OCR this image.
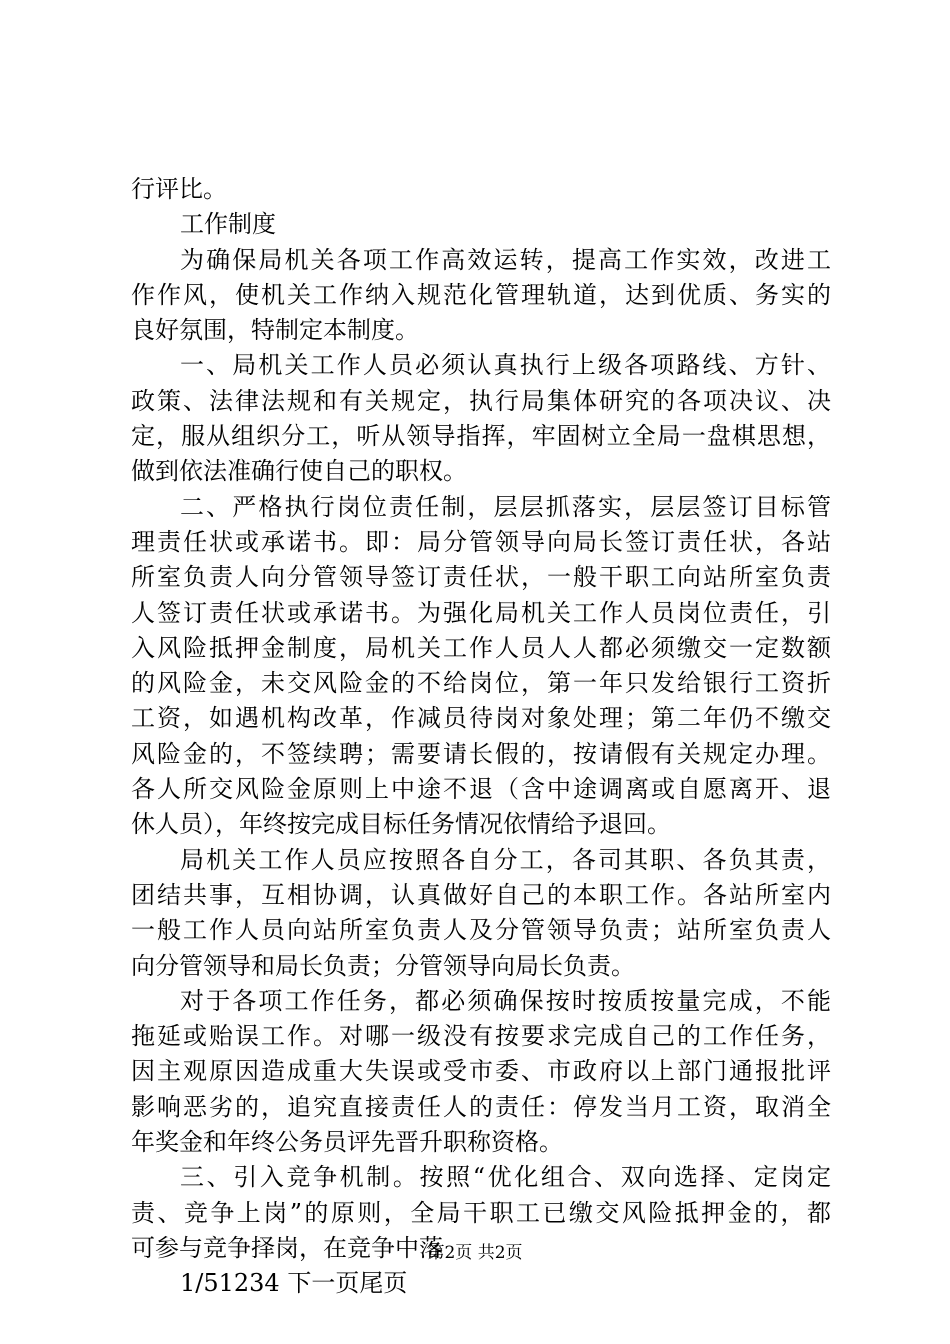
行评比。
工作制度
为确保局机关各项工作高效运转，提高工作实效，改进工
作作风，使机关工作纳入规范化管理轨道，达到优质、务实的
良好氛围，特制定本制度。
一、局机关工作人员必须认真执行上级各项路线、方针、
政策、法律法规和有关规定，执行局集体研究的各项决议、决
定，服从组织分工，听从领导指挥，牢固树立全局一盘棋思想，
做到依法准确行使自己的职权。
二、严格执行岗位责任制，层层抓落实，层层签订目标管
理责任状或承诺书。即：局分管领导向局长签订责任状，各站
所室负责人向分管领导签订责任状，一般干职工向站所室负责
人签订责任状或承诺书。为强化局机关工作人员岗位责任，引
入风险抵押金制度，局机关工作人员人人都必须缴交一定数额
的风险金，未交风险金的不给岗位，第一年只发给银行工资折
工资，如遇机构改革，作减员待岗对象处理；第二年仍不缴交
风险金的，不签续聘；需要请长假的，按请假有关规定办理。
各人所交风险金原则上中途不退（含中途调离或自愿离开、退
休人员），年终按完成目标任务情况依情给予退回。
局机关工作人员应按照各自分工，各司其职、各负其责，
团结共事，互相协调，认真做好自己的本职工作。各站所室内
一般工作人员向站所室负责人及分管领导负责；站所室负责人
向分管领导和局长负责；分管领导向局长负责。
对于各项工作任务，都必须确保按时按质按量完成，不能
拖延或贻误工作。对哪一级没有按要求完成自己的工作任务，
因主观原因造成重大失误或受市委、市政府以上部门通报批评
影响恶劣的，追究直接责任人的责任：停发当月工资，取消全
年奖金和年终公务员评先晋升职称资格。
三、引入竞争机制。按照“优化组合、双向选择、定岗定
责、竞争上岗”的原则，全局干职工已缴交风险抵押金的，都
可参与竞争择岗，在竞争中落
1/51234 下一页尾页
第2页 共2页
